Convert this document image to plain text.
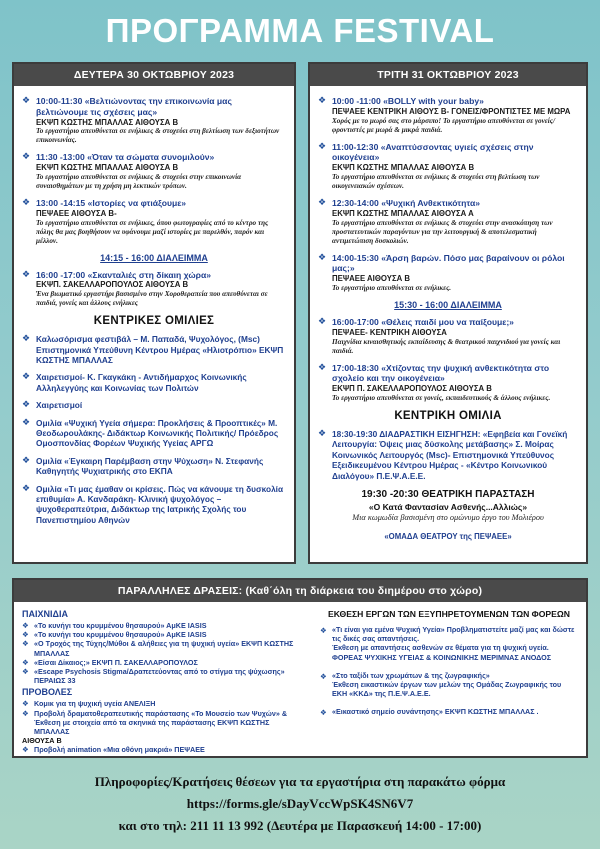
ΠΡΟΓΡΑΜΜΑ FESTIVAL
ΔΕΥΤΕΡΑ 30 ΟΚΤΩΒΡΙΟΥ 2023
❖ 10:00-11:30 «Βελτιώνοντας την επικοινωνία μας βελτιώνουμε τις σχέσεις μας»
ΕΚΨΠ ΚΩΣΤΗΣ ΜΠΑΛΛΑΣ ΑΙΘΟΥΣΑ Β
Το εργαστήριο απευθύνεται σε ενήλικες & στοχεύει στη βελτίωση των δεξιοτήτων επικοινωνίας.
❖ 11:30 -13:00 «Όταν τα σώματα συνομιλούν»
ΕΚΨΠ ΚΩΣΤΗΣ ΜΠΑΛΛΑΣ ΑΙΘΟΥΣΑ Β
Το εργαστήριο απευθύνεται σε ενήλικες & στοχεύει στην επικοινωνία συναισθημάτων με τη χρήση μη λεκτικών τρόπων.
❖ 13:00 -14:15 «Ιστορίες να φτιάξουμε»
ΠΕΨΑΕΕ ΑΙΘΟΥΣΑ Β-
Το εργαστήριο απευθύνεται σε ενήλικες, όπου φωτογραφίες από το κέντρο της πόλης θα μας βοηθήσουν να υφάνουμε μαζί ιστορίες με παρελθόν, παρόν και μέλλον.
14:15 - 16:00 ΔΙΑΛΕΙΜΜΑ
❖ 16:00 -17:00 «Σκανταλιές στη δίκαιη χώρα»
ΕΚΨΠ. ΣΑΚΕΛΛΑΡΟΠΟΥΛΟΣ ΑΙΘΟΥΣΑ Β
Ένα βιωματικό εργαστήρι βασισμένο στην Χοροθεραπεία που απευθύνεται σε παιδιά, γονείς και άλλους ενήλικες
ΚΕΝΤΡΙΚΕΣ ΟΜΙΛΙΕΣ
❖ Καλωσόρισμα φεστιβάλ – Μ. Παπαδά, Ψυχολόγος, (Msc) Επιστημονικά Υπεύθυνη Κέντρου Ημέρας «Ηλιοτρόπιο» ΕΚΨΠ ΚΩΣΤΗΣ ΜΠΑΛΛΑΣ
❖ Χαιρετισμοί- Κ. Γκαγκάκη - Αντιδήμαρχος Κοινωνικής Αλληλεγγύης και Κοινωνίας των Πολιτών
❖ Χαιρετισμοί
❖ Ομιλία «Ψυχική Υγεία σήμερα: Προκλήσεις & Προοπτικές» Μ. Θεοδωρουλάκης- Διδάκτωρ Κοινωνικής Πολιτικής/ Πρόεδρος Ομοσπονδίας Φορέων Ψυχικής Υγείας ΑΡΓΩ
❖ Ομιλία «Έγκαιρη Παρέμβαση στην Ψύχωση» Ν. Στεφανής Καθηγητής Ψυχιατρικής στο ΕΚΠΑ
❖ Ομιλία «Τι μας έμαθαν οι κρίσεις. Πώς να κάνουμε τη δυσκολία επιθυμία» Α. Κανδαράκη- Κλινική ψυχολόγος – ψυχοθεραπεύτρια, Διδάκτωρ της Ιατρικής Σχολής του Πανεπιστημίου Αθηνών
ΤΡΙΤΗ 31 ΟΚΤΩΒΡΙΟΥ 2023
❖ 10:00 -11:00 «BOLLY with your baby»
ΠΕΨΑΕΕ ΚΕΝΤΡΙΚΗ ΑΙΘΟΥΣ Β- ΓΟΝΕΙΣ/ΦΡΟΝΤΙΣΤΕΣ ΜΕ ΜΩΡΑ
Χορός με το μωρό σας στο μάρσιπο! Το εργαστήριο απευθύνεται σε γονείς/φροντιστές με μωρά & μικρά παιδιά.
❖ 11:00-12:30 «Αναπτύσσοντας υγιείς σχέσεις στην οικογένεια»
ΕΚΨΠ ΚΩΣΤΗΣ ΜΠΑΛΛΑΣ ΑΙΘΟΥΣΑ Β
Το εργαστήριο απευθύνεται σε ενήλικες & στοχεύει στη βελτίωση των οικογενειακών σχέσεων.
❖ 12:30-14:00 «Ψυχική Ανθεκτικότητα»
ΕΚΨΠ ΚΩΣΤΗΣ ΜΠΑΛΛΑΣ ΑΙΘΟΥΣΑ Α
Το εργαστήριο απευθύνεται σε ενήλικες & στοχεύει στην ανασκόπηση των προστατευτικών παραγόντων για την λειτουργική & αποτελεσματική αντιμετώπιση δυσκολιών.
❖ 14:00-15:30 «Άρση βαρών. Πόσο μας βαραίνουν οι ρόλοι μας;»
ΠΕΨΑΕΕ ΑΙΘΟΥΣΑ Β
Το εργαστήριο απευθύνεται σε ενήλικες.
15:30 - 16:00 ΔΙΑΛΕΙΜΜΑ
❖ 16:00-17:00 «Θέλεις παιδί μου να παίξουμε;»
ΠΕΨΑΕΕ- ΚΕΝΤΡΙΚΗ ΑΙΘΟΥΣΑ
Παιχνίδια κιναισθητικής εκπαίδευσης & θεατρικού παιχνιδιού για γονείς και παιδιά.
❖ 17:00-18:30 «Χτίζοντας την ψυχική ανθεκτικότητα στο σχολείο και την οικογένεια»
ΕΚΨΠ Π. ΣΑΚΕΛΛΑΡΟΠΟΥΛΟΣ ΑΙΘΟΥΣΑ Β
Το εργαστήριο απευθύνεται σε γονείς, εκπαιδευτικούς & άλλους ενήλικες.
ΚΕΝΤΡΙΚΗ ΟΜΙΛΙΑ
❖ 18:30-19:30 ΔΙΑΔΡΑΣΤΙΚΗ ΕΙΣΗΓΗΣΗ: «Εφηβεία και Γονεϊκή Λειτουργία: Όψεις μιας δύσκολης μετάβασης» Σ. Μοίρας Κοινωνικός Λειτουργός (Msc)- Επιστημονικά Υπεύθυνος Εξειδικευμένου Κέντρου Ημέρας - «Κέντρο Κοινωνικού Διαλόγου» Π.Ε.Ψ.Α.Ε.Ε.
19:30 -20:30 ΘΕΑΤΡΙΚΗ ΠΑΡΑΣΤΑΣΗ
«Ο Κατά Φαντασίαν Ασθενής...Αλλιώς»
Μια κωμωδία βασισμένη στο ομώνυμο έργο του Μολιέρου
«ΟΜΑΔΑ ΘΕΑΤΡΟΥ της ΠΕΨΑΕΕ»
ΠΑΡΑΛΛΗΛΕΣ ΔΡΑΣΕΙΣ: (Καθ΄όλη τη διάρκεια του διημέρου στο χώρο)
ΠΑΙΧΝΙΔΙΑ
❖ «Το κυνήγι του κρυμμένου θησαυρού» ΑμΚΕ ΙΑSIS
❖ «Το κυνήγι του κρυμμένου θησαυρού» ΑμΚΕ ΙΑSIS
❖ «Ο Τροχός της Τύχης/Μύθοι & αλήθειες για τη ψυχική υγεία» ΕΚΨΠ ΚΩΣΤΗΣ ΜΠΑΛΛΑΣ
❖ «Είσαι Δίκαιος;» ΕΚΨΠ Π. ΣΑΚΕΛΛΑΡΟΠΟΥΛΟΣ
❖ «Escape Psychosis Stigma/Δραπετεύοντας από το στίγμα της ψύχωσης» ΠΕΡΑΙΩΣ 33
ΠΡΟΒΟΛΕΣ
❖ Κομικ για τη ψυχική υγεία ΑΝΕΛΙΞΗ
❖ Προβολή δραματοθεραπευτικής παράστασης «Το Μουσείο των Ψυχών» & Έκθεση με στοιχεία από τα σκηνικά της παράστασης ΕΚΨΠ ΚΩΣΤΗΣ ΜΠΑΛΛΑΣ
ΑΙΘΟΥΣΑ Β
❖ Προβολή animation «Μια οθόνη μακριά» ΠΕΨΑΕΕ
ΕΚΘΕΣΗ ΕΡΓΩΝ ΤΩΝ ΕΞΥΠΗΡΕΤΟΥΜΕΝΩΝ ΤΩΝ ΦΟΡΕΩΝ
❖ «Τι είναι για εμένα Ψυχική Υγεία» Προβληματιστείτε μαζί μας και δώστε τις δικές σας απαντήσεις.
Έκθεση με απαντήσεις ασθενών σε θέματα για τη ψυχική υγεία.
ΦΟΡΕΑΣ ΨΥΧΙΚΗΣ ΥΓΕΙΑΣ & ΚΟΙΝΩΝΙΚΗΣ ΜΕΡΙΜΝΑΣ ΑΝΟΔΟΣ
❖ «Στο ταξίδι των χρωμάτων & της ζωγραφικής»
Έκθεση εικαστικών έργων των μελών της Ομάδας Ζωγραφικής του ΕΚΗ «ΚΚΔ» της Π.Ε.Ψ.Α.Ε.Ε.
❖ «Εικαστικό σημείο συνάντησης» ΕΚΨΠ ΚΩΣΤΗΣ ΜΠΑΛΛΑΣ .
Πληροφορίες/Κρατήσεις θέσεων για τα εργαστήρια στη παρακάτω φόρμα
https://forms.gle/sDayVccWpSK4SN6V7
και στο τηλ: 211 11 13 992 (Δευτέρα με Παρασκευή 14:00 - 17:00)
